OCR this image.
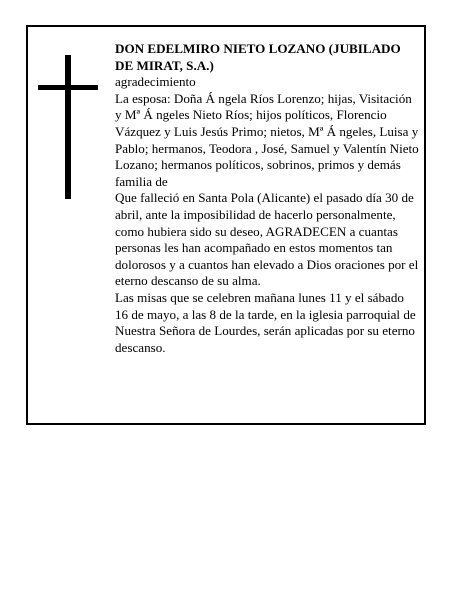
DON EDELMIRO NIETO LOZANO (JUBILADO DE MIRAT, S.A.)

agradecimiento

La esposa: Doña Á ngela Ríos Lorenzo; hijas, Visitación y Mª Á ngeles Nieto Ríos; hijos políticos, Florencio Vázquez y Luis Jesús Primo; nietos, Mª Á ngeles, Luisa y Pablo; hermanos, Teodora , José, Samuel y Valentín Nieto Lozano; hermanos políticos, sobrinos, primos y demás familia de

Que falleció en Santa Pola (Alicante) el pasado día 30 de abril, ante la imposibilidad de hacerlo personalmente, como hubiera sido su deseo, AGRADECEN a cuantas personas les han acompañado en estos momentos tan dolorosos y a cuantos han elevado a Dios oraciones por el eterno descanso de su alma.

Las misas que se celebren mañana lunes 11 y el sábado 16 de mayo, a las 8 de la tarde, en la iglesia parroquial de Nuestra Señora de Lourdes, serán aplicadas por su eterno descanso.
